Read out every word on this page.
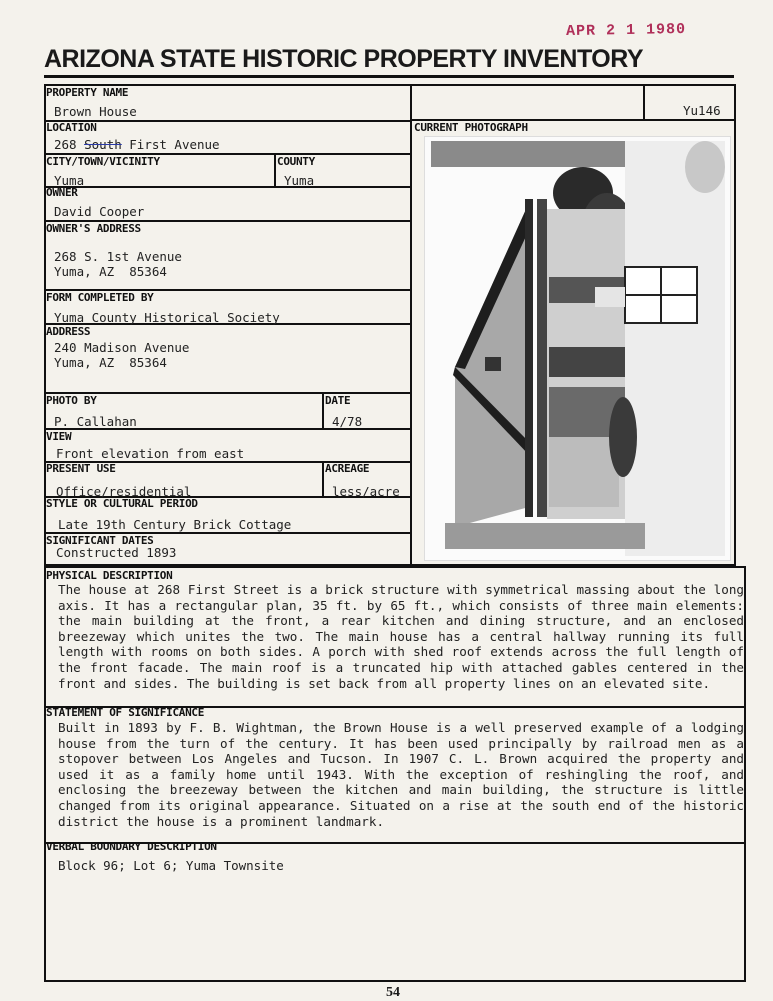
APR 2 1 1980
ARIZONA STATE HISTORIC PROPERTY INVENTORY
PROPERTY NAME
Brown House	Yu146
LOCATION
268 South First Avenue
CITY/TOWN/VICINITY
Yuma
COUNTY
Yuma
OWNER
David Cooper
OWNER'S ADDRESS
268 S. 1st Avenue
Yuma, AZ  85364
FORM COMPLETED BY
Yuma County Historical Society
ADDRESS
240 Madison Avenue
Yuma, AZ  85364
PHOTO BY
P. Callahan
DATE
4/78
VIEW
Front elevation from east
PRESENT USE
Office/residential
ACREAGE
less/acre
STYLE OR CULTURAL PERIOD
Late 19th Century Brick Cottage
SIGNIFICANT DATES
Constructed 1893
CURRENT PHOTOGRAPH
PHYSICAL DESCRIPTION
The house at 268 First Street is a brick structure with symmetrical massing about the long axis. It has a rectangular plan, 35 ft. by 65 ft., which consists of three main elements: the main building at the front, a rear kitchen and dining structure, and an enclosed breezeway which unites the two. The main house has a central hallway running its full length with rooms on both sides. A porch with shed roof extends across the full length of the front facade. The main roof is a truncated hip with attached gables centered in the front and sides. The building is set back from all property lines on an elevated site.
STATEMENT OF SIGNIFICANCE
Built in 1893 by F. B. Wightman, the Brown House is a well preserved example of a lodging house from the turn of the century. It has been used principally by railroad men as a stopover between Los Angeles and Tucson. In 1907 C. L. Brown acquired the property and used it as a family home until 1943. With the exception of reshingling the roof, and enclosing the breezeway between the kitchen and main building, the structure is little changed from its original appearance. Situated on a rise at the south end of the historic district the house is a prominent landmark.
VERBAL BOUNDARY DESCRIPTION
Block 96; Lot 6; Yuma Townsite
54
